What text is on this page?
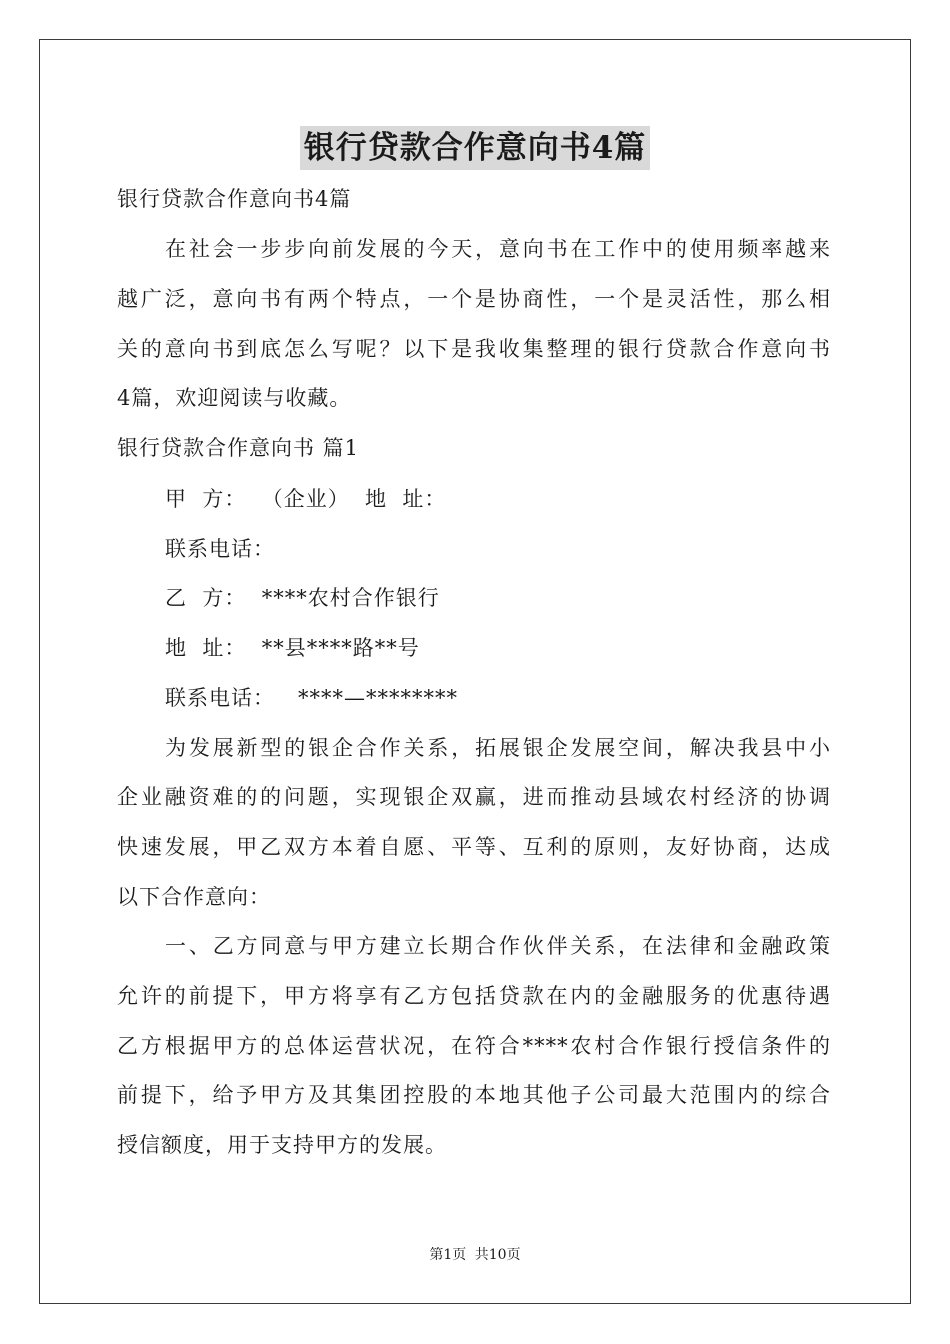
银行贷款合作意向书4篇
银行贷款合作意向书4篇
在社会一步步向前发展的今天，意向书在工作中的使用频率越来
越广泛，意向书有两个特点，一个是协商性，一个是灵活性，那么相
关的意向书到底怎么写呢？以下是我收集整理的银行贷款合作意向书
4篇，欢迎阅读与收藏。
银行贷款合作意向书 篇1
甲  方：  （企业）  地  址：
联系电话：
乙  方：  ****农村合作银行
地  址：  **县****路**号
联系电话：   ****—********
为发展新型的银企合作关系，拓展银企发展空间，解决我县中小
企业融资难的的问题，实现银企双赢，进而推动县域农村经济的协调
快速发展，甲乙双方本着自愿、平等、互利的原则，友好协商，达成
以下合作意向：
一、乙方同意与甲方建立长期合作伙伴关系，在法律和金融政策
允许的前提下，甲方将享有乙方包括贷款在内的金融服务的优惠待遇
乙方根据甲方的总体运营状况，在符合****农村合作银行授信条件的
前提下，给予甲方及其集团控股的本地其他子公司最大范围内的综合
授信额度，用于支持甲方的发展。
第1页 共10页
